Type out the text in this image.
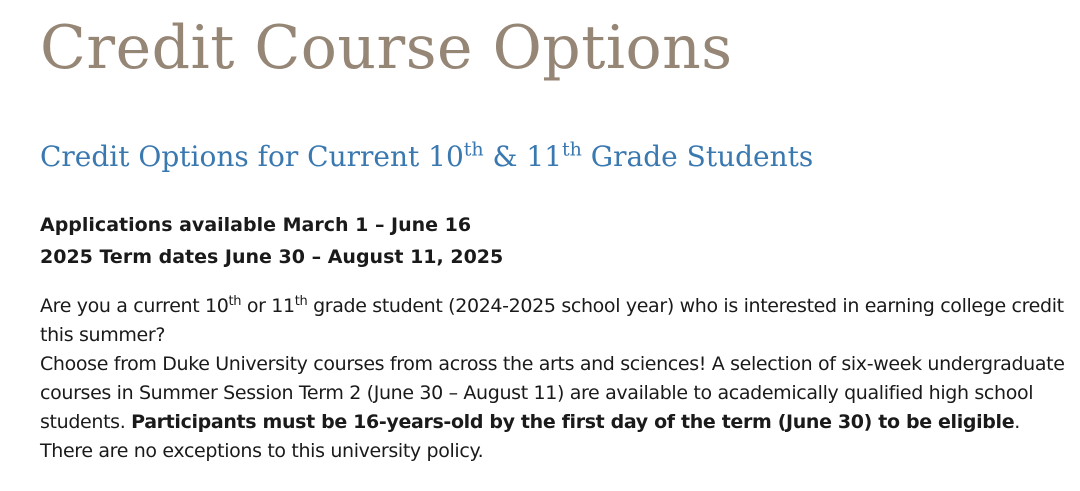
Credit Course Options
Credit Options for Current 10th & 11th Grade Students
Applications available March 1 – June 16
2025 Term dates June 30 – August 11, 2025

Are you a current 10th or 11th grade student (2024-2025 school year) who is interested in earning college credit this summer?

Choose from Duke University courses from across the arts and sciences! A selection of six-week undergraduate courses in Summer Session Term 2 (June 30 – August 11) are available to academically qualified high school students. Participants must be 16-years-old by the first day of the term (June 30) to be eligible. There are no exceptions to this university policy.
